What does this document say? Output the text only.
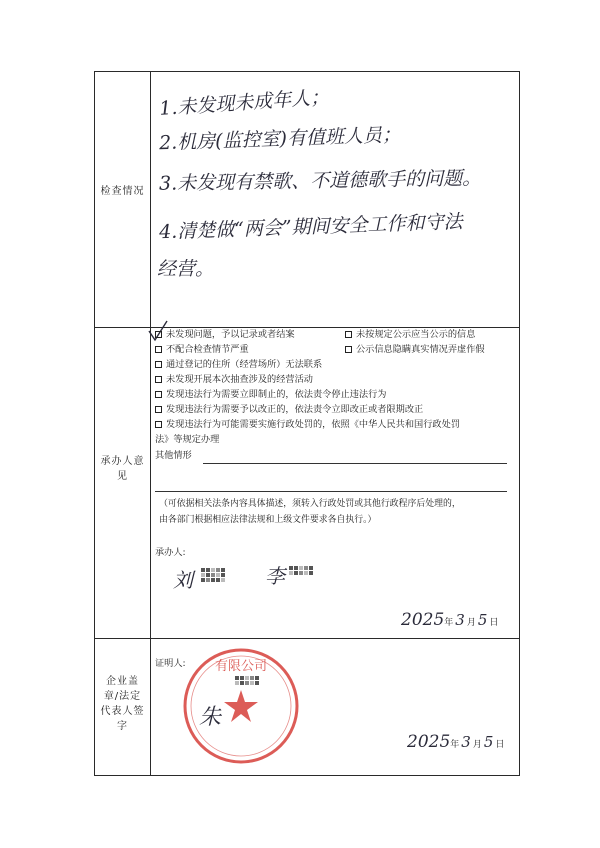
检查情况
1.未发现未成年人；
2.机房(监控室)有值班人员；
3.未发现有禁歌、不道德歌手的问题。
4.清楚做“两会”期间安全工作和守法
经营。
承办人意见
未发现问题，予以记录或者结案	未按规定公示应当公示的信息
不配合检查情节严重	公示信息隐瞒真实情况弄虚作假
通过登记的住所（经营场所）无法联系
未发现开展本次抽查涉及的经营活动
发现违法行为需要立即制止的，依法责令停止违法行为
发现违法行为需要予以改正的，依法责令立即改正或者限期改正
发现违法行为可能需要实施行政处罚的，依照《中华人民共和国行政处罚
法》等规定办理
其他情形
（可依据相关法条内容具体描述，须转入行政处罚或其他行政程序后处理的，
由各部门根据相应法律法规和上级文件要求各自执行。）
承办人:
刘	李
2025年 3 月 5 日
企业盖章/法定代表人签字
证明人: 有限公司
朱
2025年 3 月 5 日
